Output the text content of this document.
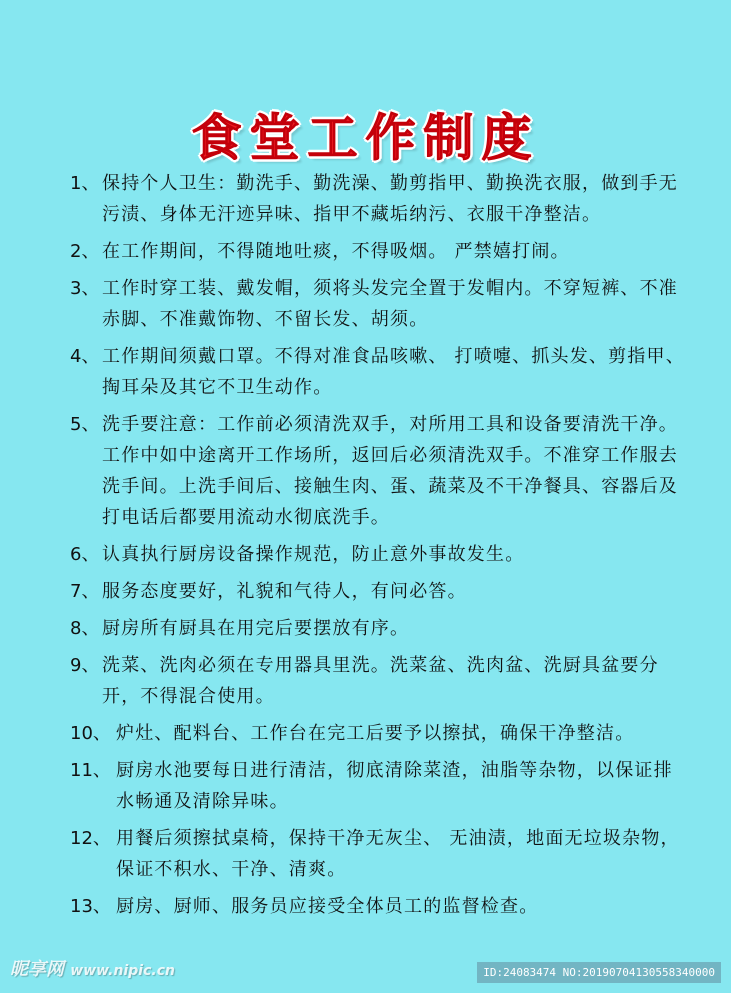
食堂工作制度
1、 保持个人卫生：勤洗手、勤洗澡、勤剪指甲、勤换洗衣服，做到手无污渍、身体无汗迹异味、指甲不藏垢纳污、衣服干净整洁。
2、 在工作期间，不得随地吐痰，不得吸烟。 严禁嬉打闹。
3、 工作时穿工装、戴发帽，须将头发完全置于发帽内。不穿短裤、不准赤脚、不准戴饰物、不留长发、胡须。
4、 工作期间须戴口罩。不得对准食品咳嗽、 打喷嚏、抓头发、剪指甲、掏耳朵及其它不卫生动作。
5、 洗手要注意：工作前必须清洗双手，对所用工具和设备要清洗干净。工作中如中途离开工作场所，返回后必须清洗双手。不准穿工作服去洗手间。上洗手间后、接触生肉、蛋、蔬菜及不干净餐具、容器后及打电话后都要用流动水彻底洗手。
6、 认真执行厨房设备操作规范，防止意外事故发生。
7、 服务态度要好，礼貌和气待人，有问必答。
8、 厨房所有厨具在用完后要摆放有序。
9、 洗菜、洗肉必须在专用器具里洗。洗菜盆、洗肉盆、洗厨具盆要分开，不得混合使用。
10、 炉灶、配料台、工作台在完工后要予以擦拭，确保干净整洁。
11、 厨房水池要每日进行清洁，彻底清除菜渣，油脂等杂物，以保证排水畅通及清除异味。
12、 用餐后须擦拭桌椅，保持干净无灰尘、 无油渍，地面无垃圾杂物，保证不积水、干净、清爽。
13、 厨房、厨师、服务员应接受全体员工的监督检查。
昵享网 www.nipic.cn	ID:24083474 NO:20190704130558340000
